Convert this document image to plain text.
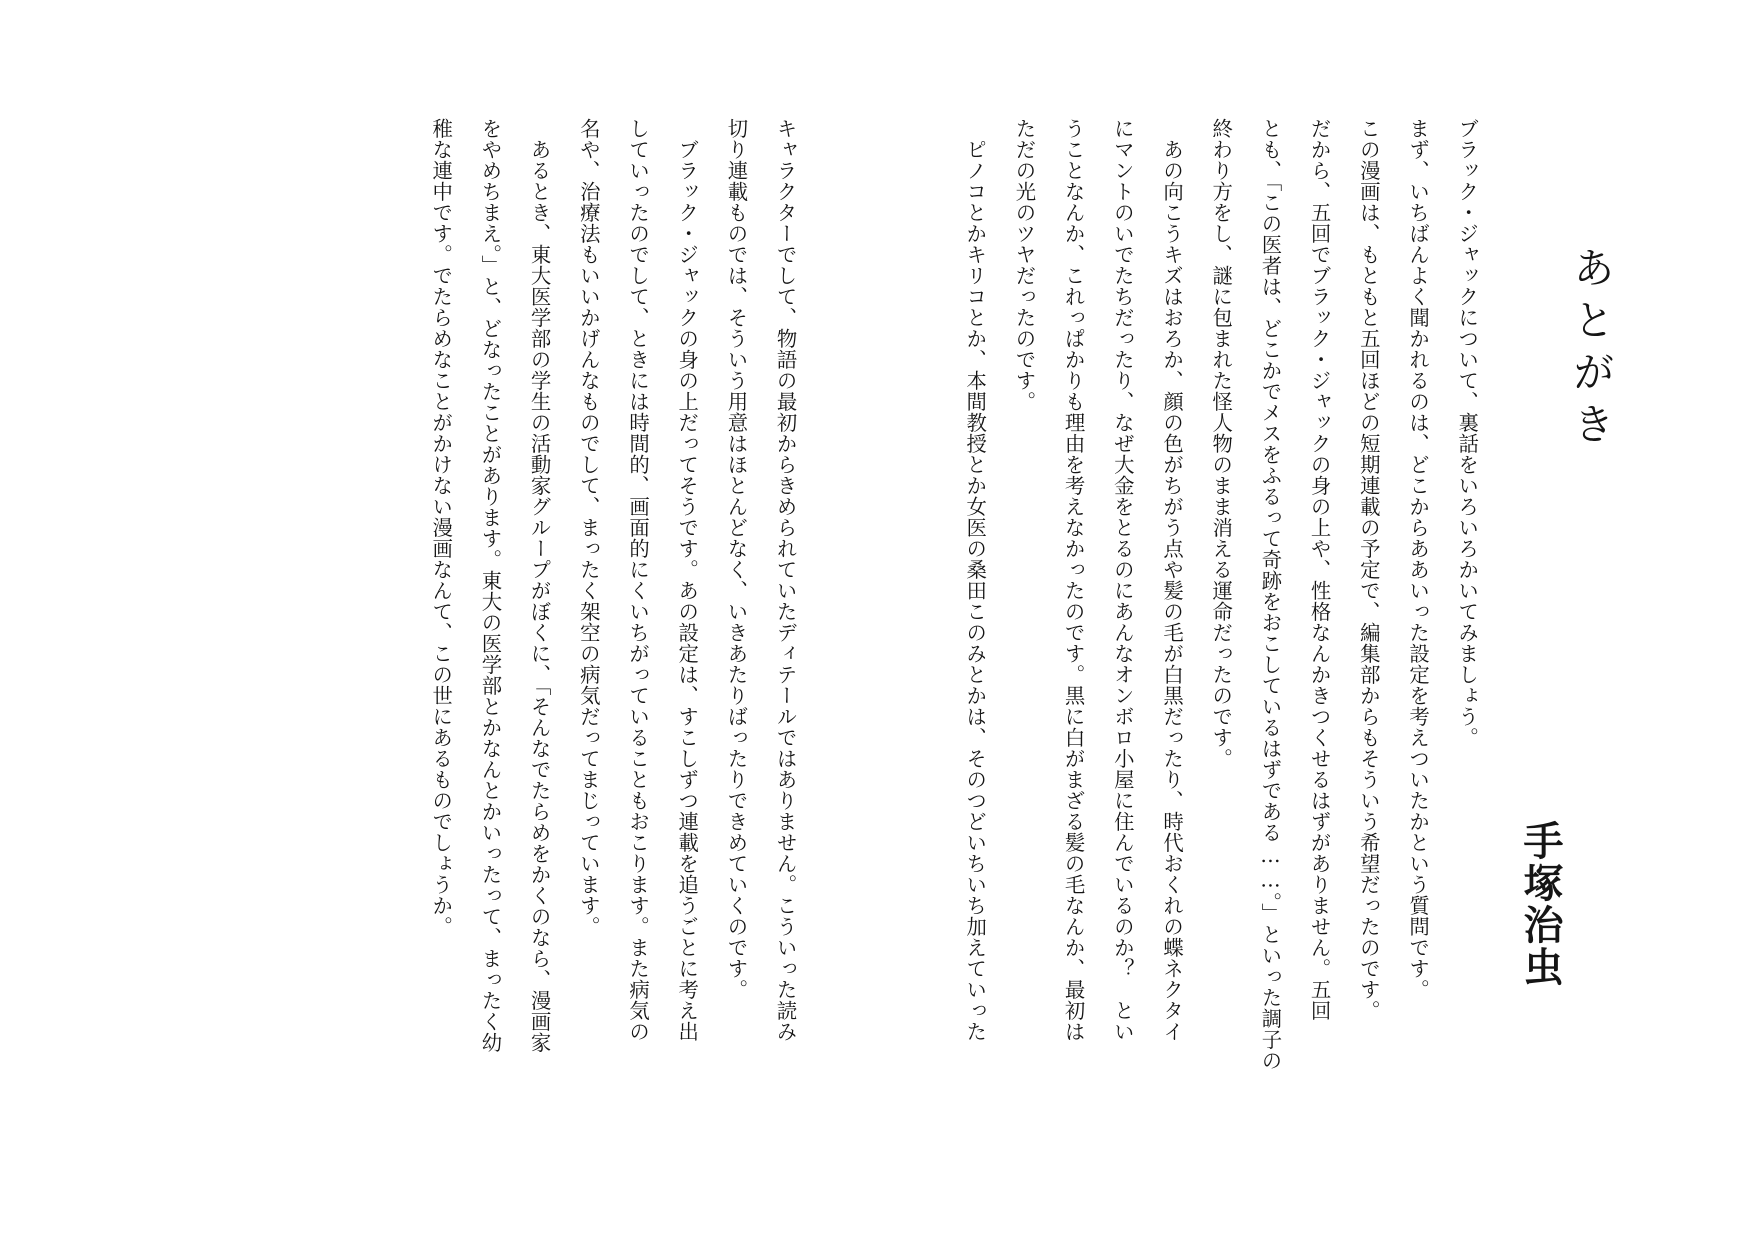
あとがき
手塚治虫
ブラック・ジャックについて、裏話をいろいろかいてみましょう。
まず、いちばんよく聞かれるのは、どこからああいった設定を考えついたかという質問です。
この漫画は、もともと五回ほどの短期連載の予定で、編集部からもそういう希望だったのです。
だから、五回でブラック・ジャックの身の上や、性格なんかきつくせるはずがありません。五回
とも、「この医者は、どこかでメスをふるって奇跡をおこしているはずである……。」といった調子の
終わり方をし、謎に包まれた怪人物のまま消える運命だったのです。
　あの向こうキズはおろか、顔の色がちがう点や髪の毛が白黒だったり、時代おくれの蝶ネクタイ
にマントのいでたちだったり、なぜ大金をとるのにあんなオンボロ小屋に住んでいるのか？　とい
うことなんか、これっぱかりも理由を考えなかったのです。黒に白がまざる髪の毛なんか、最初は
ただの光のツヤだったのです。
　ピノコとかキリコとか、本間教授とか女医の桑田このみとかは、そのつどいちいち加えていった
キャラクターでして、物語の最初からきめられていたディテールではありません。こういった読み
切り連載ものでは、そういう用意はほとんどなく、いきあたりばったりできめていくのです。
　ブラック・ジャックの身の上だってそうです。あの設定は、すこしずつ連載を追うごとに考え出
していったのでして、ときには時間的、画面的にくいちがっていることもおこります。また病気の
名や、治療法もいいかげんなものでして、まったく架空の病気だってまじっています。
　あるとき、東大医学部の学生の活動家グループがぼくに、「そんなでたらめをかくのなら、漫画家
をやめちまえ。」と、どなったことがあります。東大の医学部とかなんとかいったって、まったく幼
稚な連中です。でたらめなことがかけない漫画なんて、この世にあるものでしょうか。
